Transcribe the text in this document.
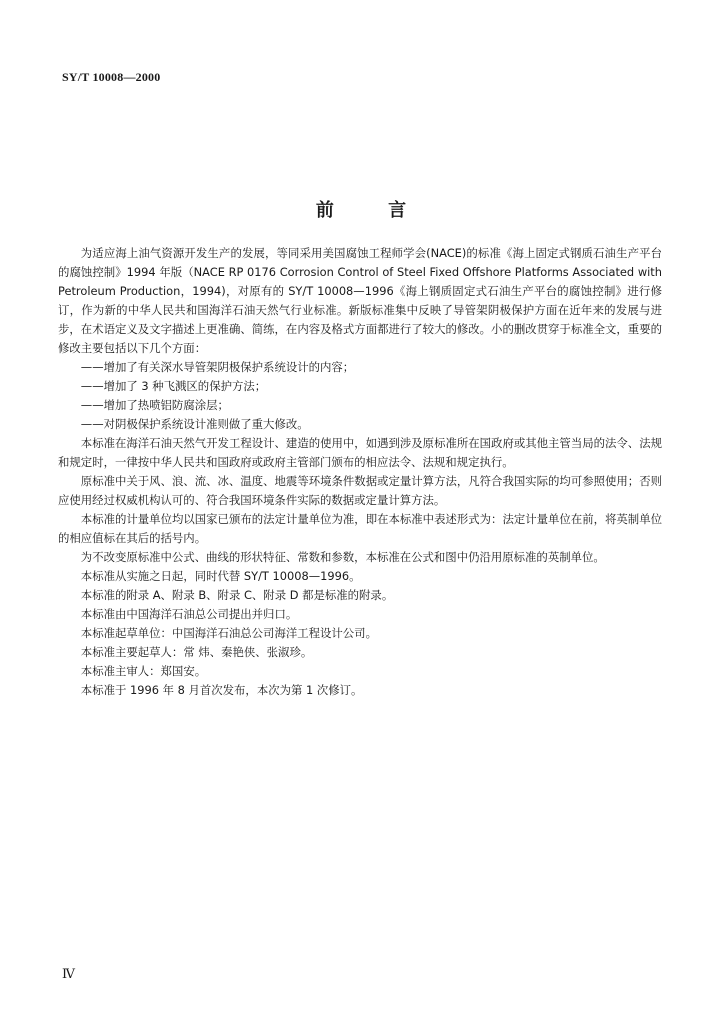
SY/T 10008—2000
前 言

为适应海上油气资源开发生产的发展，等同采用美国腐蚀工程师学会(NACE)的标准《海上固定式钢质石油生产平台的腐蚀控制》1994 年版（NACE RP 0176 Corrosion Control of Steel Fixed Offshore Platforms Associated with Petroleum Production，1994)，对原有的 SY/T 10008—1996《海上钢质固定式石油生产平台的腐蚀控制》进行修订，作为新的中华人民共和国海洋石油天然气行业标准。新版标准集中反映了导管架阴极保护方面在近年来的发展与进步，在术语定义及文字描述上更准确、简练，在内容及格式方面都进行了较大的修改。小的删改贯穿于标准全文，重要的修改主要包括以下几个方面：

——增加了有关深水导管架阴极保护系统设计的内容；

——增加了 3 种飞溅区的保护方法；

——增加了热喷铝防腐涂层；

——对阴极保护系统设计准则做了重大修改。

本标准在海洋石油天然气开发工程设计、建造的使用中，如遇到涉及原标准所在国政府或其他主管当局的法令、法规和规定时，一律按中华人民共和国政府或政府主管部门颁布的相应法令、法规和规定执行。

原标准中关于风、浪、流、冰、温度、地震等环境条件数据或定量计算方法，凡符合我国实际的均可参照使用；否则应使用经过权威机构认可的、符合我国环境条件实际的数据或定量计算方法。

本标准的计量单位均以国家已颁布的法定计量单位为准，即在本标准中表述形式为：法定计量单位在前，将英制单位的相应值标在其后的括号内。

为不改变原标准中公式、曲线的形状特征、常数和参数，本标准在公式和图中仍沿用原标准的英制单位。

本标准从实施之日起，同时代替 SY/T 10008—1996。

本标准的附录 A、附录 B、附录 C、附录 D 都是标准的附录。

本标准由中国海洋石油总公司提出并归口。

本标准起草单位：中国海洋石油总公司海洋工程设计公司。

本标准主要起草人：常 炜、秦艳侠、张淑珍。

本标准主审人：郑国安。

本标准于 1996 年 8 月首次发布，本次为第 1 次修订。

Ⅳ
